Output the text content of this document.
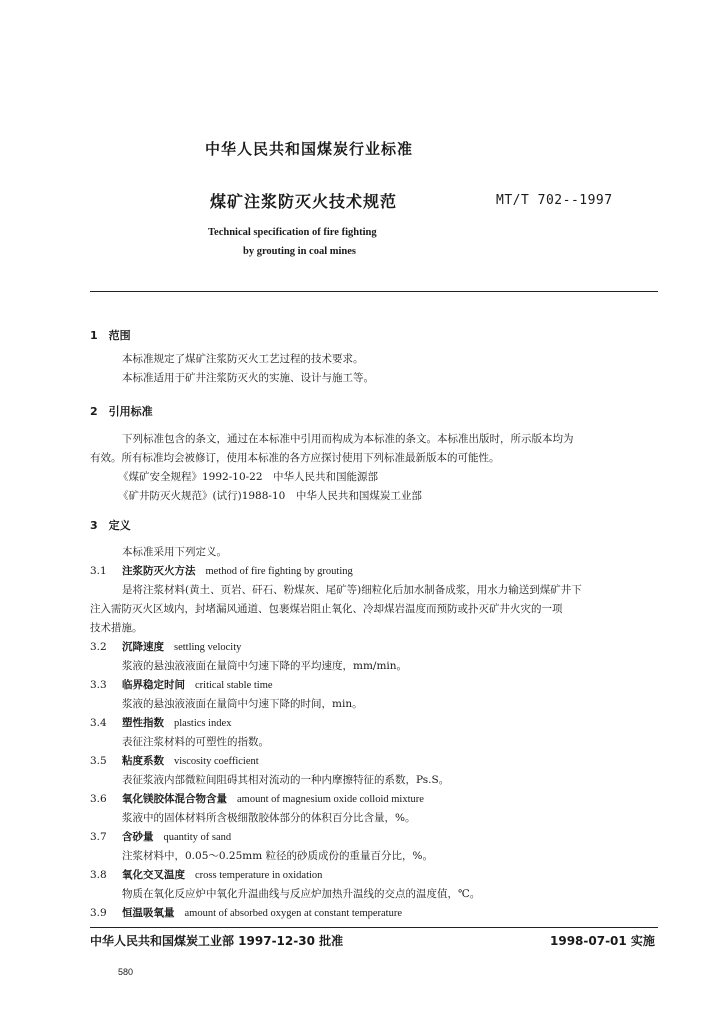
中华人民共和国煤炭行业标准
煤矿注浆防灭火技术规范	MT/T 702--1997
Technical specification of fire fighting
by grouting in coal mines
1　范围
本标准规定了煤矿注浆防灭火工艺过程的技术要求。
本标准适用于矿井注浆防灭火的实施、设计与施工等。
2　引用标准
下列标准包含的条文，通过在本标准中引用而构成为本标准的条文。本标准出版时，所示版本均为
有效。所有标准均会被修订，使用本标准的各方应探讨使用下列标准最新版本的可能性。
《煤矿安全规程》1992-10-22　中华人民共和国能源部
《矿井防灭火规范》(试行)1988-10　中华人民共和国煤炭工业部
3　定义
本标准采用下列定义。
3.1 注浆防灭火方法 method of fire fighting by grouting
是将注浆材料(黄土、页岩、矸石、粉煤灰、尾矿等)细粒化后加水制备成浆，用水力输送到煤矿井下
注入需防灭火区域内，封堵漏风通道、包裹煤岩阻止氧化、冷却煤岩温度而预防或扑灭矿井火灾的一项
技术措施。
3.2 沉降速度 settling velocity
浆液的悬浊液液面在量筒中匀速下降的平均速度，mm/min。
3.3 临界稳定时间 critical stable time
浆液的悬浊液液面在量筒中匀速下降的时间，min。
3.4 塑性指数 plastics index
表征注浆材料的可塑性的指数。
3.5 粘度系数 viscosity coefficient
表征浆液内部微粒间阻碍其相对流动的一种内摩擦特征的系数，Ps.S。
3.6 氧化镁胶体混合物含量 amount of magnesium oxide colloid mixture
浆液中的固体材料所含极细散胶体部分的体积百分比含量，%。
3.7 含砂量 quantity of sand
注浆材料中，0.05～0.25mm 粒径的砂质成份的重量百分比，%。
3.8 氧化交叉温度 cross temperature in oxidation
物质在氧化反应炉中氧化升温曲线与反应炉加热升温线的交点的温度值，℃。
3.9 恒温吸氧量 amount of absorbed oxygen at constant temperature
中华人民共和国煤炭工业部 1997-12-30 批准	1998-07-01 实施
580
